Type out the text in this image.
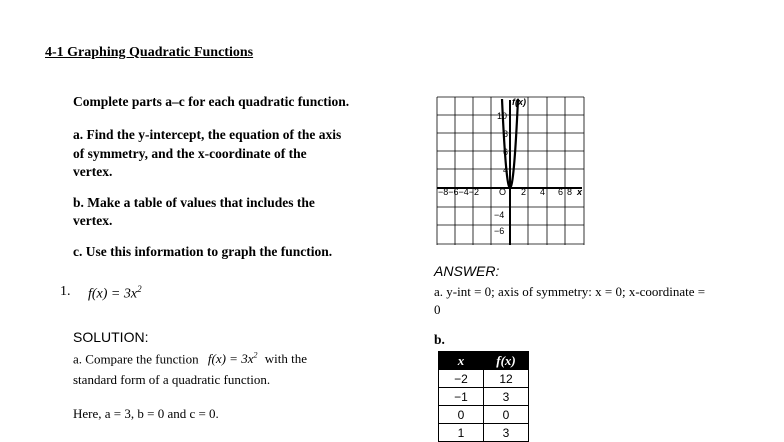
4-1 Graphing Quadratic Functions
Complete parts a–c for each quadratic function.
a. Find the y-intercept, the equation of the axis
of symmetry, and the x-coordinate of the
vertex.
b. Make a table of values that includes the
vertex.
c. Use this information to graph the function.
1. $f(x) = 3x^2$
SOLUTION:
a. Compare the function $f(x) = 3x^2$ with the
standard form of a quadratic function.
Here, a = 3, b = 0 and c = 0.
ANSWER:
a. y-int = 0; axis of symmetry: x = 0; x-coordinate =
0
b.
f(x)
x
−8−6−4−2 O 2 4 6 8
10
8
6
4
−4
−6
x	f(x)
−2	12
−1	3
0	0
1	3
